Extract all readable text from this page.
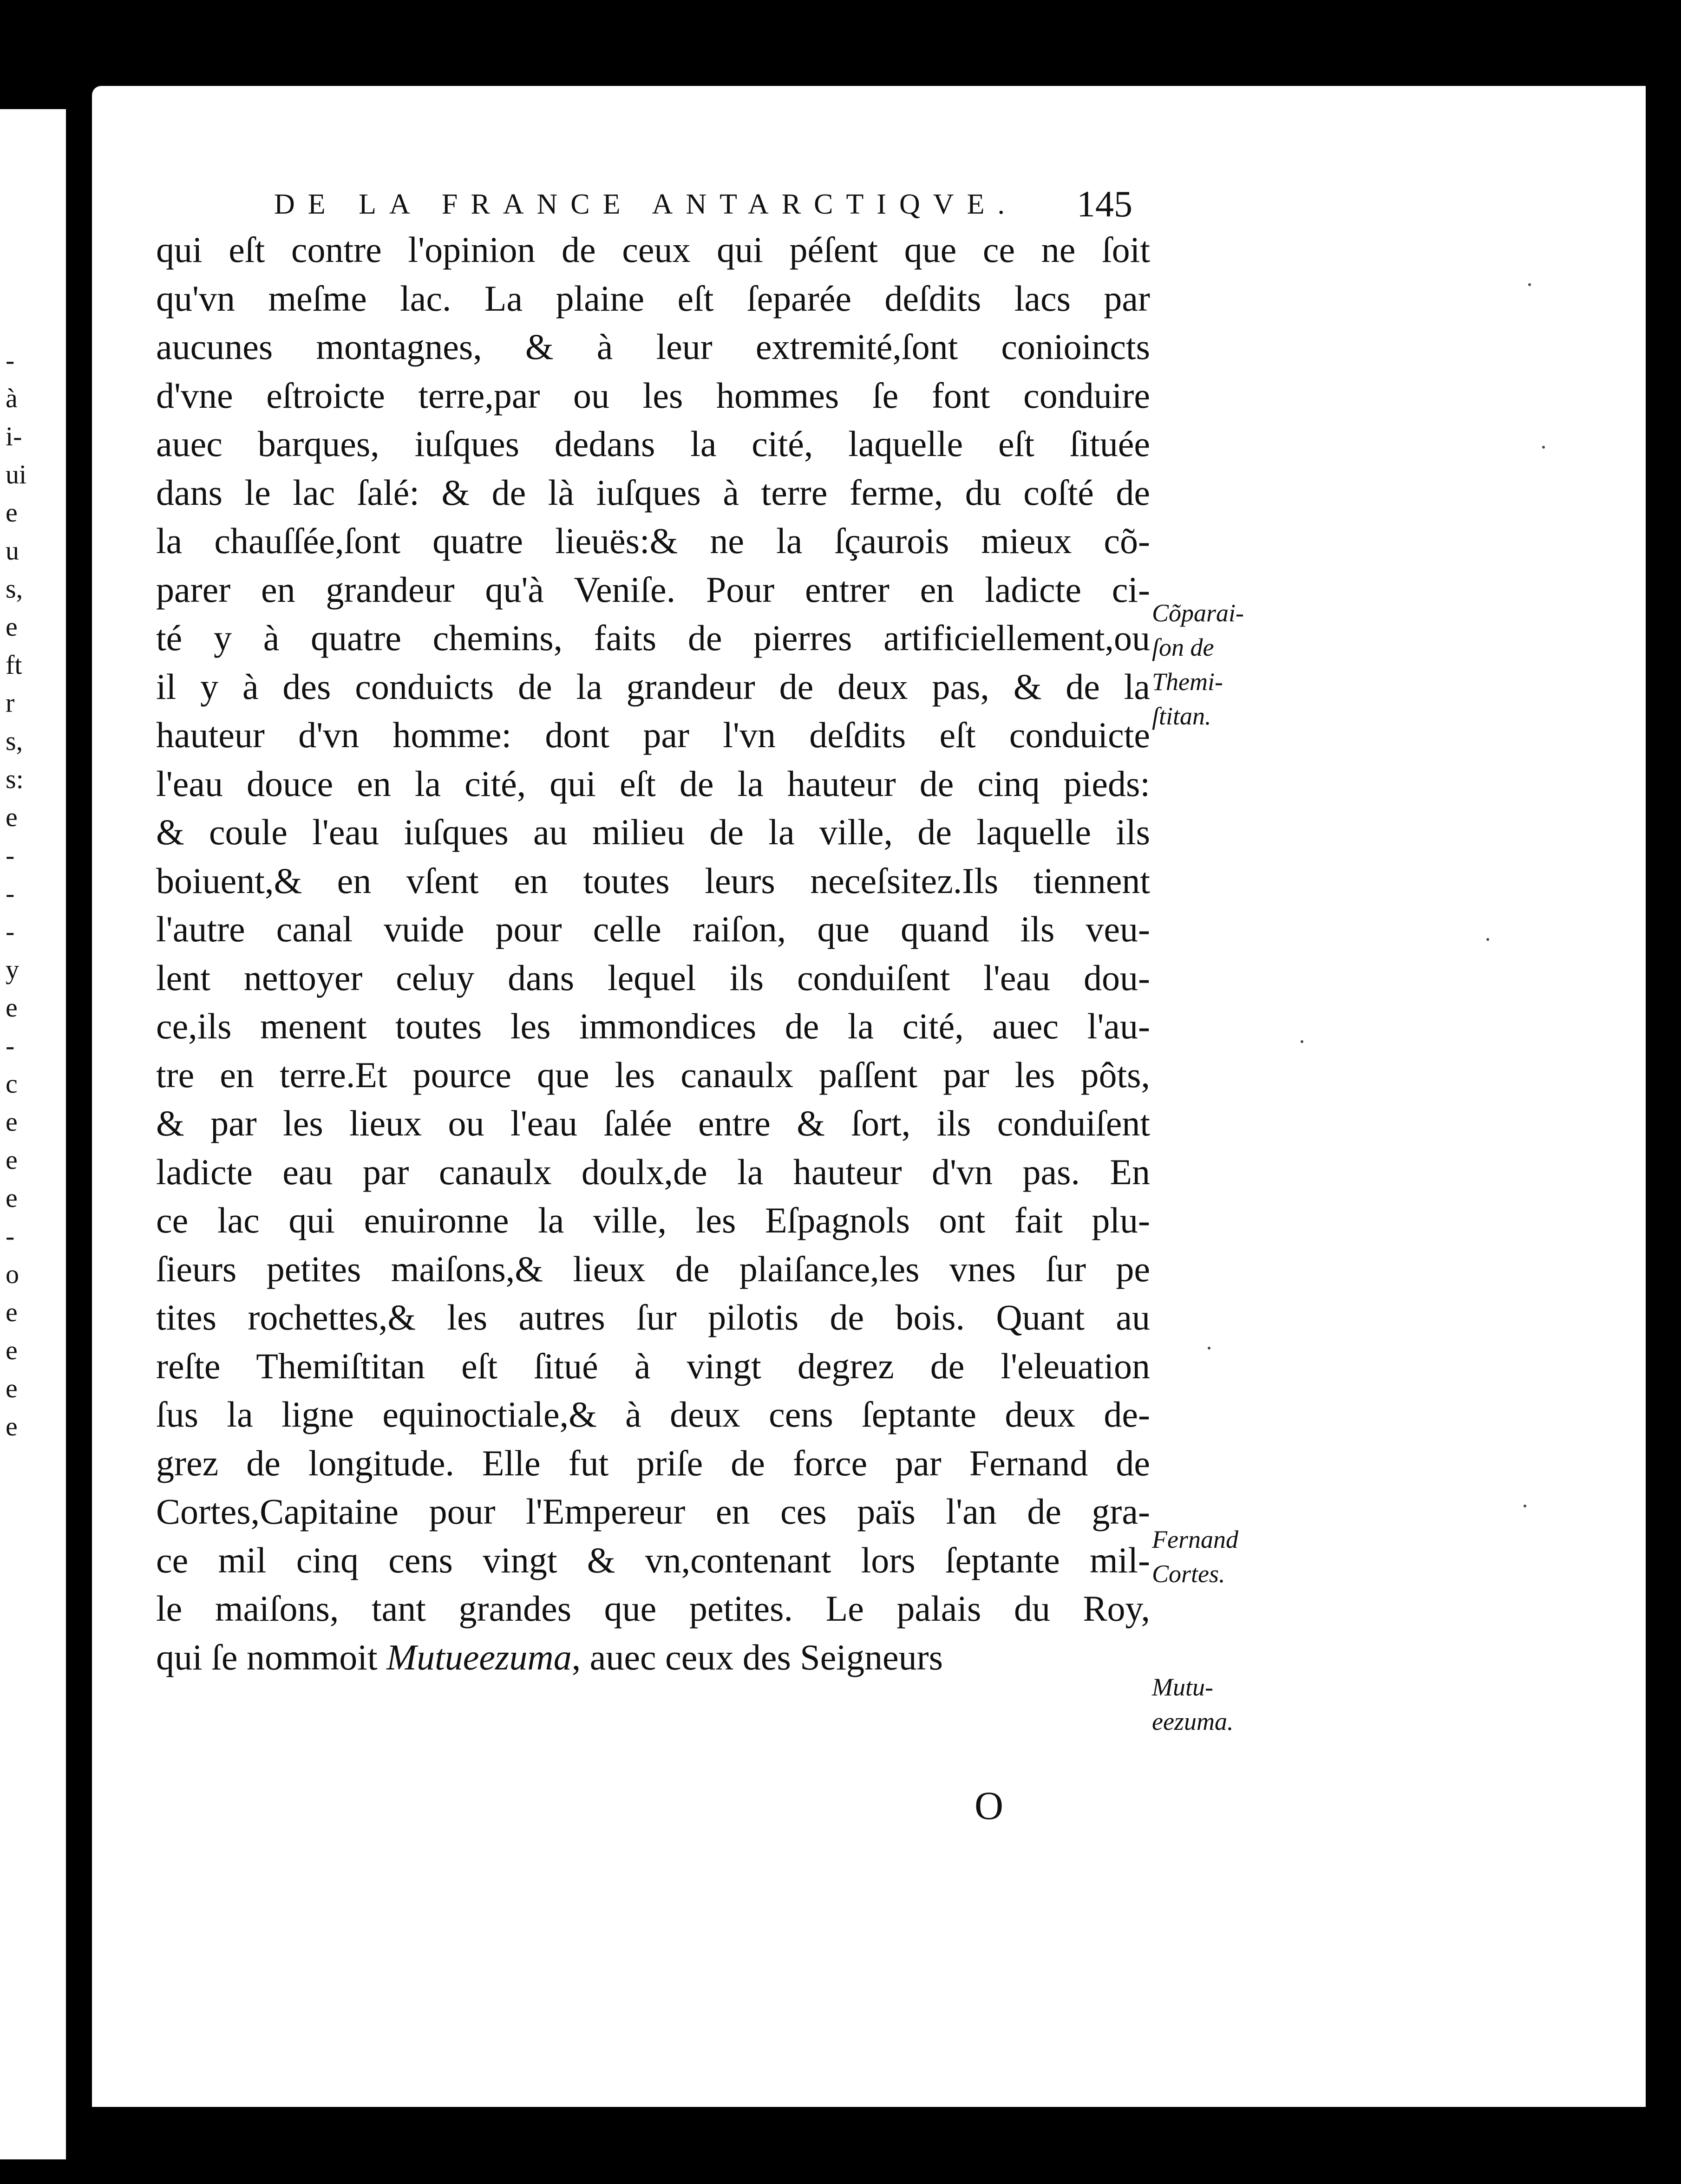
-
à
i-
ui
e
u
s,
e
ft
r
s,
s:
e
-
-
-
y
e
-
c
e
e
e
-
o
e
e
e
e
DE LA FRANCE ANTARCTIQVE. 145
qui eſt contre l'opinion de ceux qui péſent que ce ne ſoit
qu'vn meſme lac. La plaine eſt ſeparée deſdits lacs par
aucunes montagnes, & à leur extremité,ſont conioincts
d'vne eſtroicte terre,par ou les hommes ſe font conduire
auec barques, iuſques dedans la cité, laquelle eſt ſituée
dans le lac ſalé: & de là iuſques à terre ferme, du coſté de
la chauſſée,ſont quatre lieuës:& ne la ſçaurois mieux cõ-
parer en grandeur qu'à Veniſe. Pour entrer en ladicte ci-
té y à quatre chemins, faits de pierres artificiellement,ou
il y à des conduicts de la grandeur de deux pas, & de la
hauteur d'vn homme: dont par l'vn deſdits eſt conduicte
l'eau douce en la cité, qui eſt de la hauteur de cinq pieds:
& coule l'eau iuſques au milieu de la ville, de laquelle ils
boiuent,& en vſent en toutes leurs neceſsitez.Ils tiennent
l'autre canal vuide pour celle raiſon, que quand ils veu-
lent nettoyer celuy dans lequel ils conduiſent l'eau dou-
ce,ils menent toutes les immondices de la cité, auec l'au-
tre en terre.Et pource que les canaulx paſſent par les pôts,
& par les lieux ou l'eau ſalée entre & ſort, ils conduiſent
ladicte eau par canaulx doulx,de la hauteur d'vn pas. En
ce lac qui enuironne la ville, les Eſpagnols ont fait plu-
ſieurs petites maiſons,& lieux de plaiſance,les vnes ſur pe
tites rochettes,& les autres ſur pilotis de bois. Quant au
reſte Themiſtitan eſt ſitué à vingt degrez de l'eleuation
ſus la ligne equinoctiale,& à deux cens ſeptante deux de-
grez de longitude. Elle fut priſe de force par Fernand de
Cortes,Capitaine pour l'Empereur en ces païs l'an de gra-
ce mil cinq cens vingt & vn,contenant lors ſeptante mil-
le maiſons, tant grandes que petites. Le palais du Roy,
qui ſe nommoit Mutueezuma, auec ceux des Seigneurs
Cõparai-
ſon de
Themi-
ſtitan.
Fernand
Cortes.
Mutu-
eezuma.
O
